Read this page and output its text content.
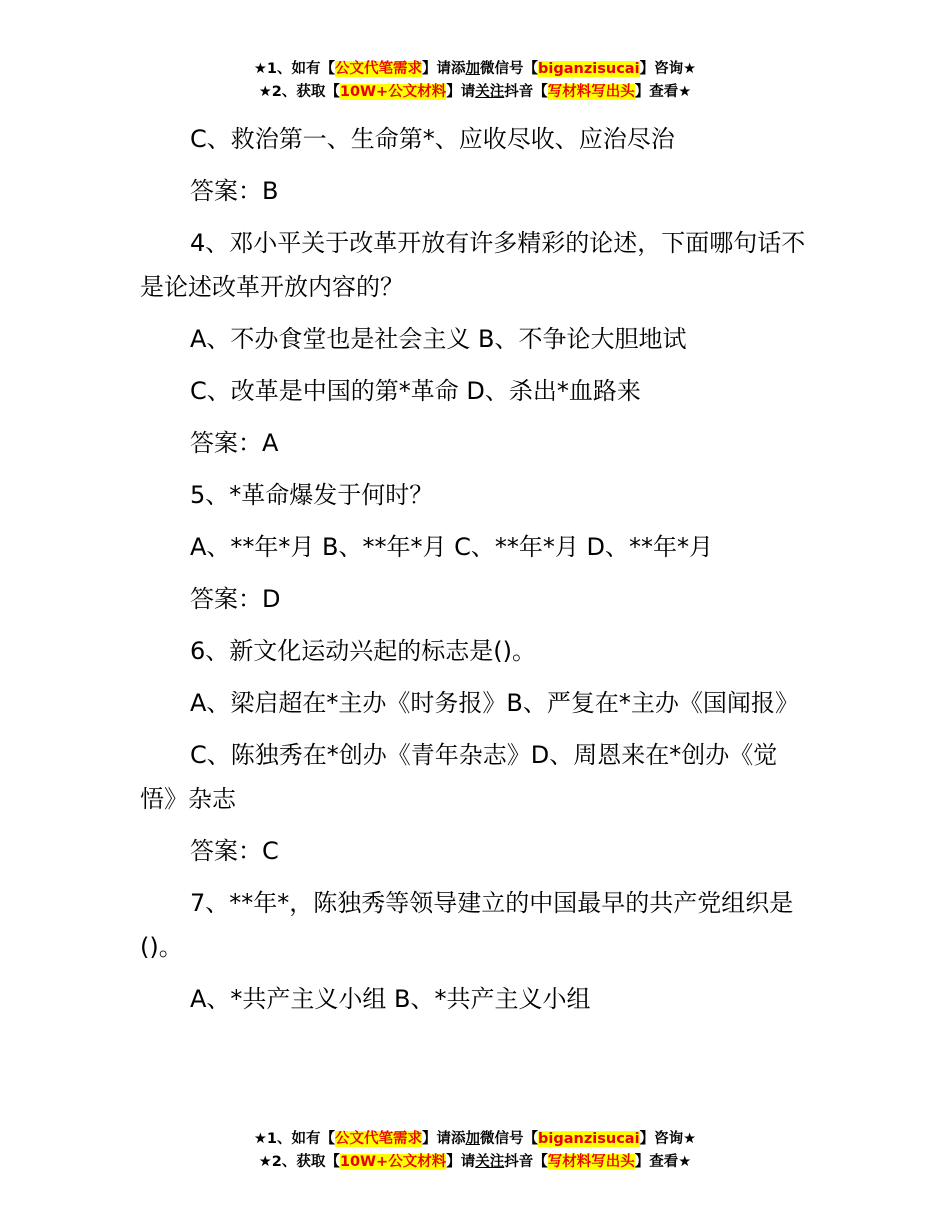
★1、如有【公文代笔需求】请添加微信号【biganzisucai】咨询★
★2、获取【10W+公文材料】请关注抖音【写材料写出头】查看★

C、救治第一、生命第*、应收尽收、应治尽治

答案：B

4、邓小平关于改革开放有许多精彩的论述，下面哪句话不是论述改革开放内容的？

A、不办食堂也是社会主义 B、不争论大胆地试

C、改革是中国的第*革命 D、杀出*血路来

答案：A

5、*革命爆发于何时？

A、**年*月 B、**年*月 C、**年*月 D、**年*月

答案：D

6、新文化运动兴起的标志是()。

A、梁启超在*主办《时务报》B、严复在*主办《国闻报》

C、陈独秀在*创办《青年杂志》D、周恩来在*创办《觉悟》杂志

答案：C

7、**年*，陈独秀等领导建立的中国最早的共产党组织是()。

A、*共产主义小组 B、*共产主义小组

★1、如有【公文代笔需求】请添加微信号【biganzisucai】咨询★
★2、获取【10W+公文材料】请关注抖音【写材料写出头】查看★
